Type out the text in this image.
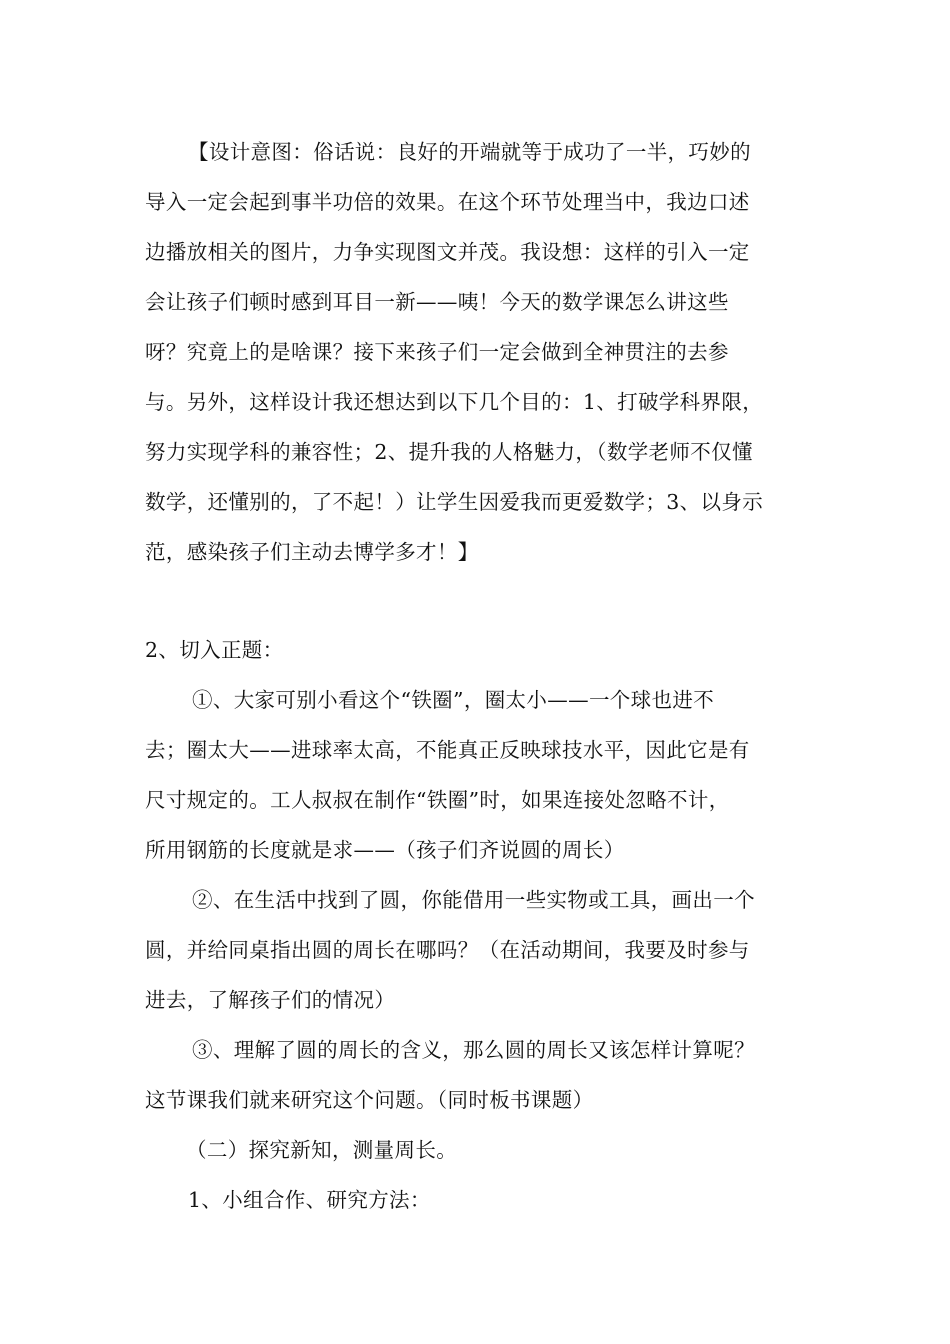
【设计意图：俗话说：良好的开端就等于成功了一半，巧妙的
导入一定会起到事半功倍的效果。在这个环节处理当中，我边口述
边播放相关的图片，力争实现图文并茂。我设想：这样的引入一定
会让孩子们顿时感到耳目一新——咦！今天的数学课怎么讲这些
呀？究竟上的是啥课？接下来孩子们一定会做到全神贯注的去参
与。另外，这样设计我还想达到以下几个目的：1、打破学科界限，
努力实现学科的兼容性；2、提升我的人格魅力，（数学老师不仅懂
数学，还懂别的，了不起！）让学生因爱我而更爱数学；3、以身示
范，感染孩子们主动去博学多才！】
2、切入正题：
①、大家可别小看这个“铁圈”，圈太小——一个球也进不
去；圈太大——进球率太高，不能真正反映球技水平，因此它是有
尺寸规定的。工人叔叔在制作“铁圈”时，如果连接处忽略不计，
所用钢筋的长度就是求——（孩子们齐说圆的周长）
②、在生活中找到了圆，你能借用一些实物或工具，画出一个
圆，并给同桌指出圆的周长在哪吗？（在活动期间，我要及时参与
进去，了解孩子们的情况）
③、理解了圆的周长的含义，那么圆的周长又该怎样计算呢？
这节课我们就来研究这个问题。（同时板书课题）
（二）探究新知，测量周长。
1、小组合作、研究方法：
